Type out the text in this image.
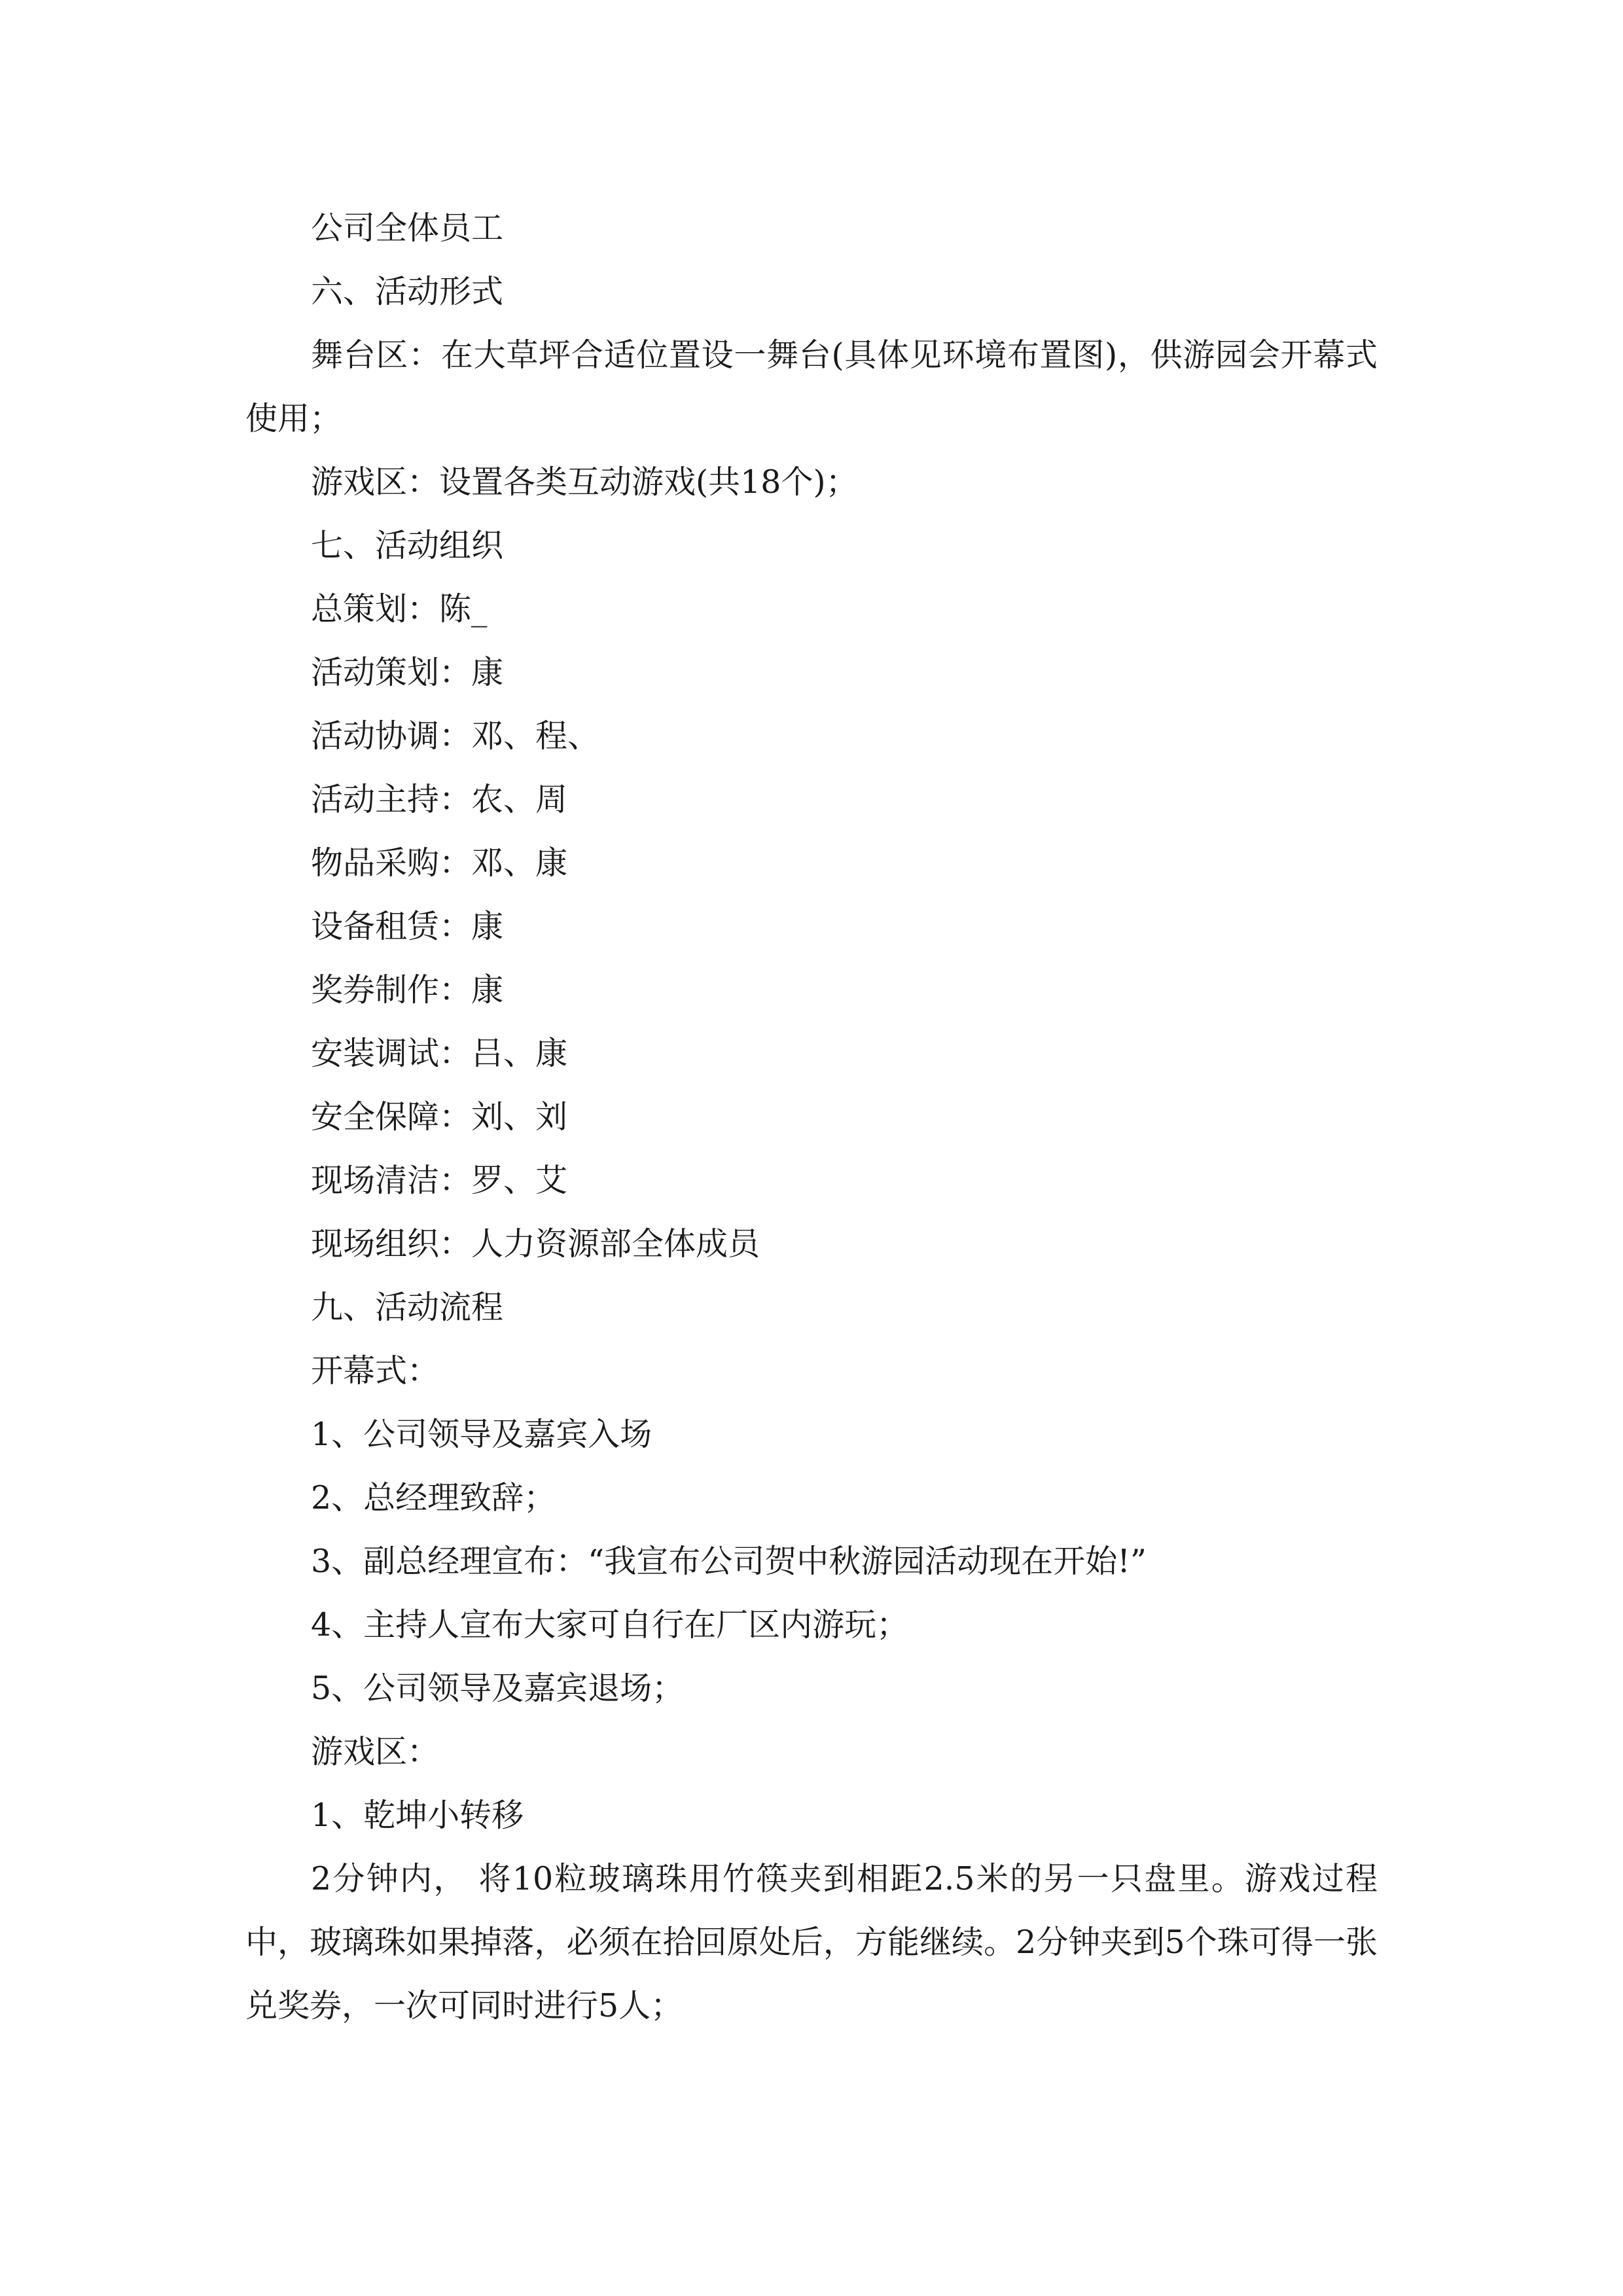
公司全体员工

六、活动形式

舞台区：在大草坪合适位置设一舞台(具体见环境布置图)，供游园会开幕式使用；

游戏区：设置各类互动游戏(共18个)；

七、活动组织

总策划：陈_

活动策划：康

活动协调：邓、程、

活动主持：农、周

物品采购：邓、康

设备租赁：康

奖券制作：康

安装调试：吕、康

安全保障：刘、刘

现场清洁：罗、艾

现场组织：人力资源部全体成员

九、活动流程

开幕式：

1、公司领导及嘉宾入场

2、总经理致辞；

3、副总经理宣布：“我宣布公司贺中秋游园活动现在开始!”

4、主持人宣布大家可自行在厂区内游玩；

5、公司领导及嘉宾退场；

游戏区：

1、乾坤小转移

2分钟内， 将10粒玻璃珠用竹筷夹到相距2.5米的另一只盘里。游戏过程中，玻璃珠如果掉落，必须在拾回原处后，方能继续。2分钟夹到5个珠可得一张兑奖券，一次可同时进行5人；
